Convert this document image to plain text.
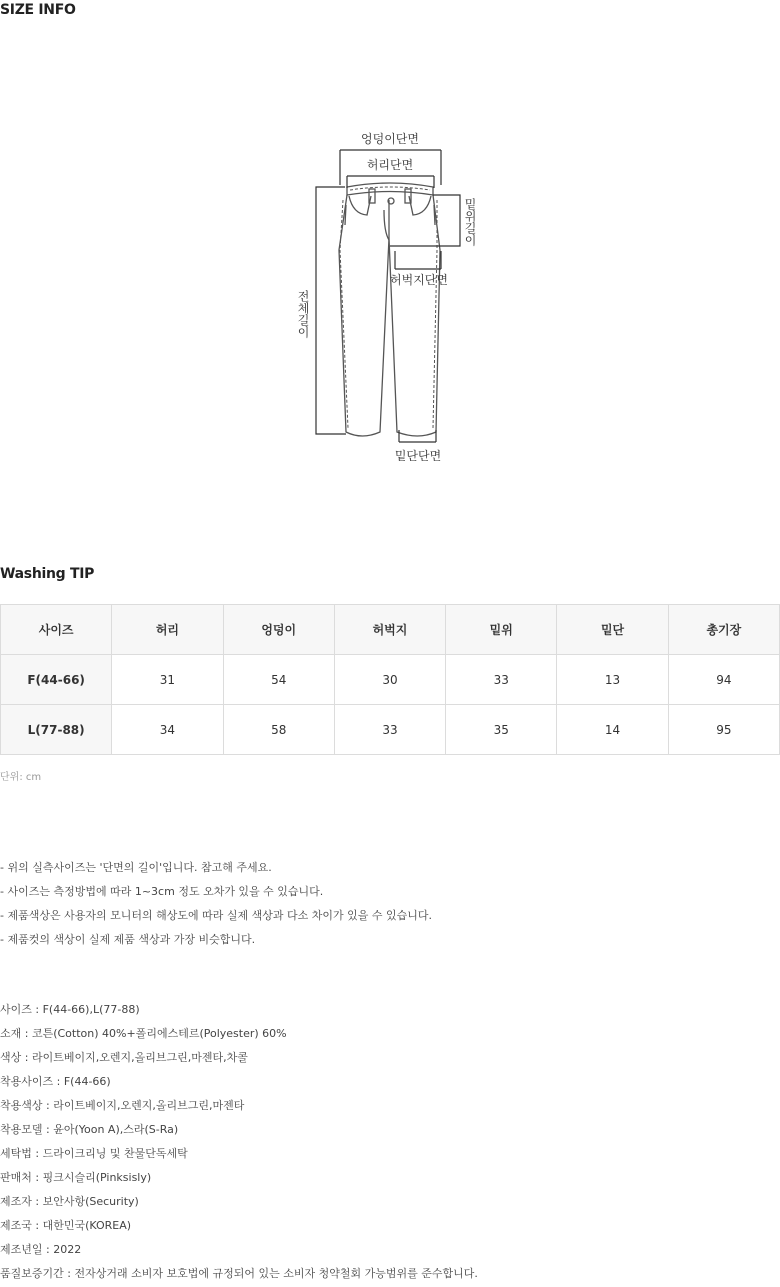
SIZE INFO
엉덩이단면
허리단면
밑위길이
허벅지단면
전체길이
밑단단면
Washing TIP
사이즈	허리	엉덩이	허벅지	밑위	밑단	총기장
F(44-66)	31	54	30	33	13	94
L(77-88)	34	58	33	35	14	95
단위: cm
- 위의 실측사이즈는 '단면의 길이'입니다. 참고해 주세요.
- 사이즈는 측정방법에 따라 1~3cm 정도 오차가 있을 수 있습니다.
- 제품색상은 사용자의 모니터의 해상도에 따라 실제 색상과 다소 차이가 있을 수 있습니다.
- 제품컷의 색상이 실제 제품 색상과 가장 비슷합니다.
사이즈 : F(44-66),L(77-88)
소재 : 코튼(Cotton) 40%+폴리에스테르(Polyester) 60%
색상 : 라이트베이지,오렌지,올리브그린,마젠타,차콜
착용사이즈 : F(44-66)
착용색상 : 라이트베이지,오렌지,올리브그린,마젠타
착용모델 : 윤아(Yoon A),스라(S-Ra)
세탁법 : 드라이크리닝 및 찬물단독세탁
판매처 : 핑크시슬리(Pinksisly)
제조자 : 보안사항(Security)
제조국 : 대한민국(KOREA)
제조년일 : 2022
품질보증기간 : 전자상거래 소비자 보호법에 규정되어 있는 소비자 청약철회 가능범위를 준수합니다.
